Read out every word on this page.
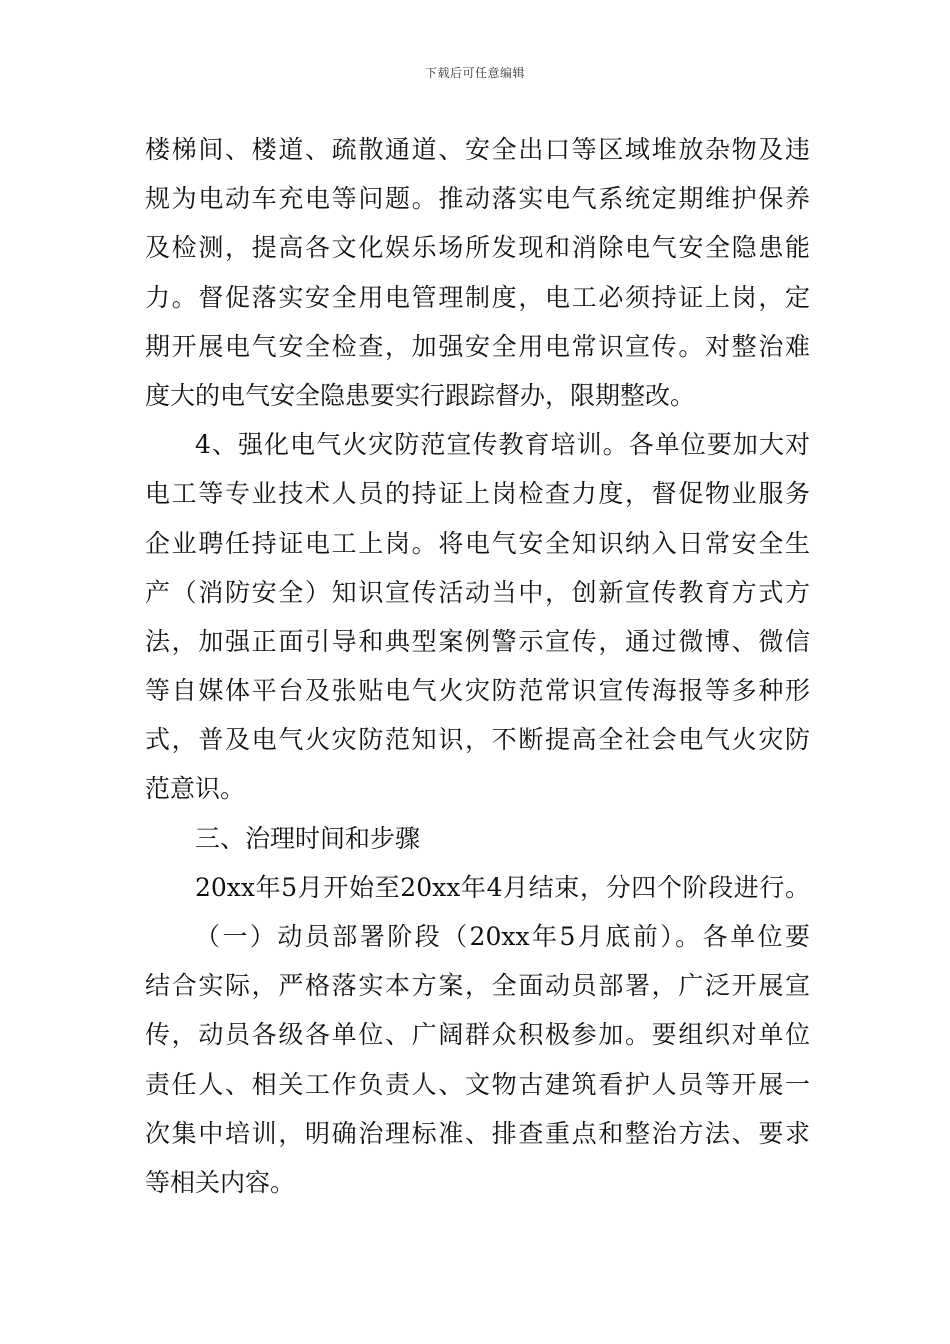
下载后可任意编辑
楼梯间、楼道、疏散通道、安全出口等区域堆放杂物及违
规为电动车充电等问题。推动落实电气系统定期维护保养
及检测，提高各文化娱乐场所发现和消除电气安全隐患能
力。督促落实安全用电管理制度，电工必须持证上岗，定
期开展电气安全检查，加强安全用电常识宣传。对整治难
度大的电气安全隐患要实行跟踪督办，限期整改。
4、强化电气火灾防范宣传教育培训。各单位要加大对
电工等专业技术人员的持证上岗检查力度，督促物业服务
企业聘任持证电工上岗。将电气安全知识纳入日常安全生
产（消防安全）知识宣传活动当中，创新宣传教育方式方
法，加强正面引导和典型案例警示宣传，通过微博、微信
等自媒体平台及张贴电气火灾防范常识宣传海报等多种形
式，普及电气火灾防范知识，不断提高全社会电气火灾防
范意识。
三、治理时间和步骤
20xx年5月开始至20xx年4月结束，分四个阶段进行。
（一）动员部署阶段（20xx年5月底前）。各单位要
结合实际，严格落实本方案，全面动员部署，广泛开展宣
传，动员各级各单位、广阔群众积极参加。要组织对单位
责任人、相关工作负责人、文物古建筑看护人员等开展一
次集中培训，明确治理标准、排查重点和整治方法、要求
等相关内容。
